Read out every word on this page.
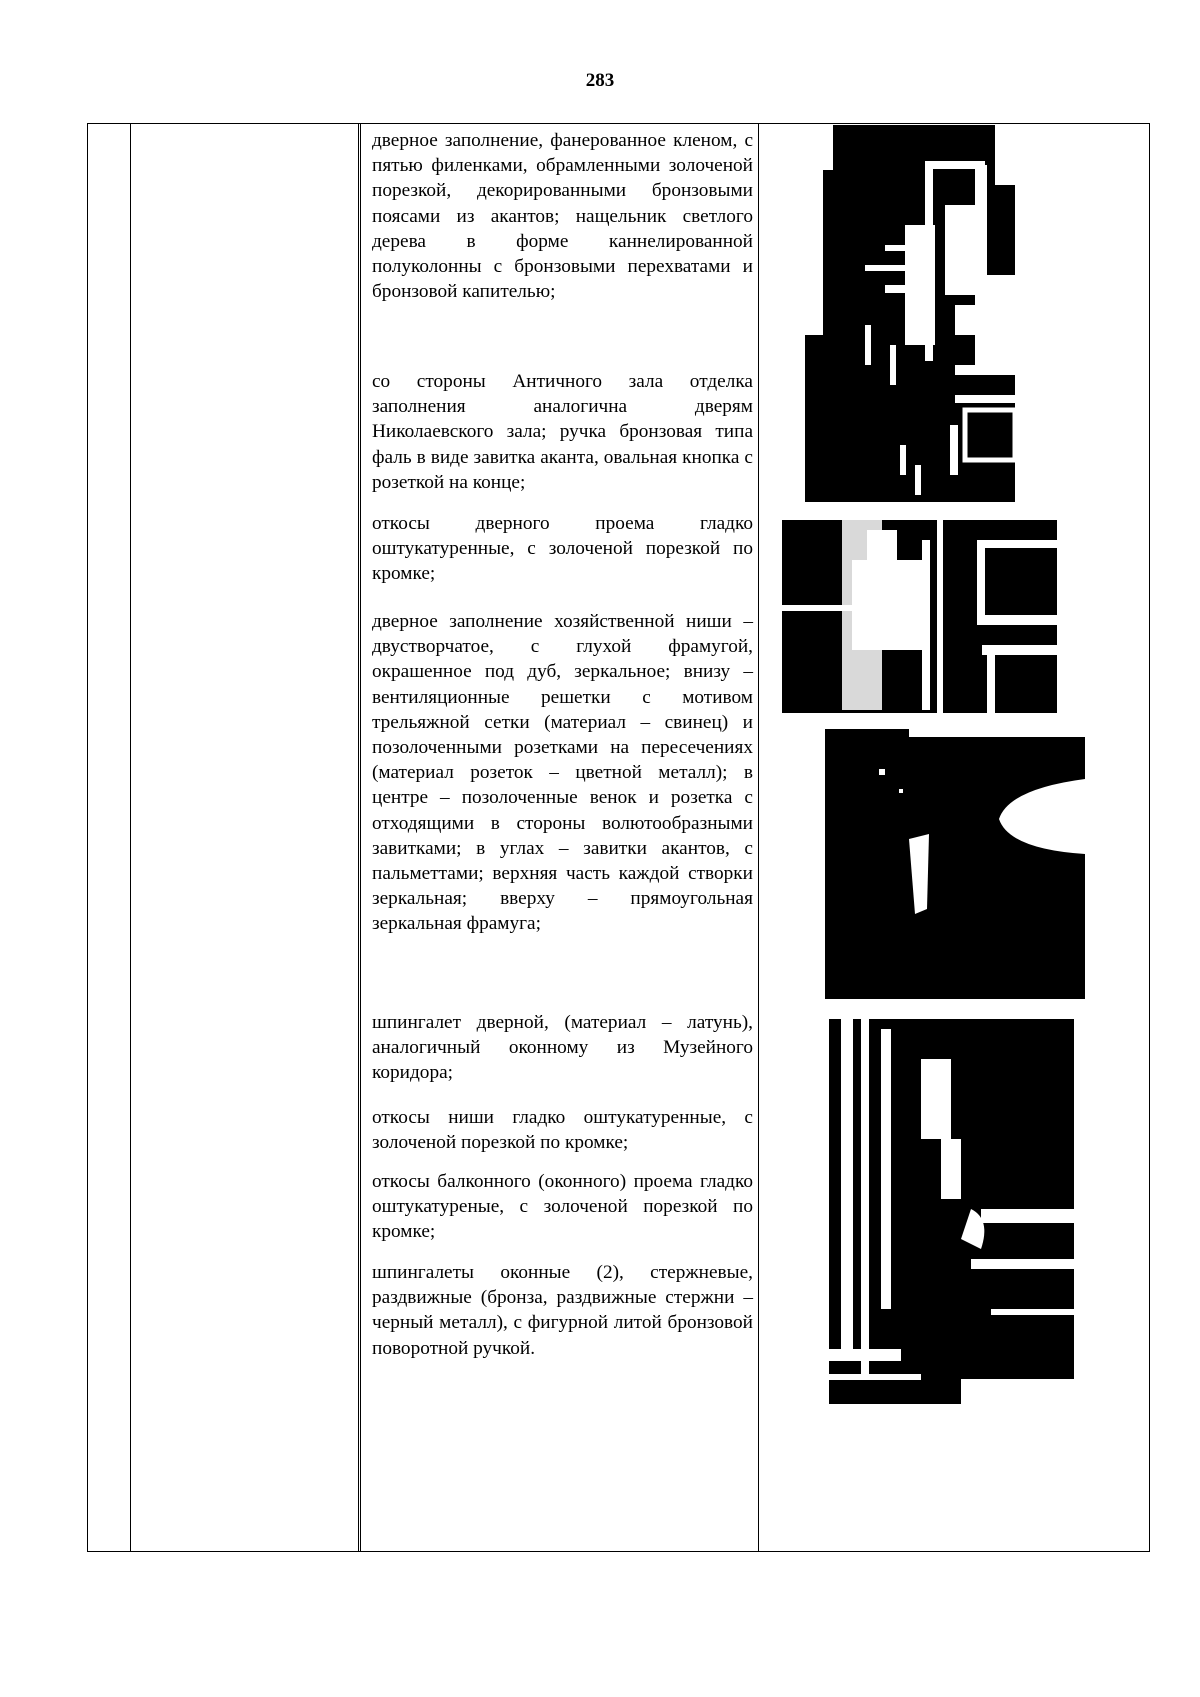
283
дверное заполнение, фанерованное кленом, с пятью филенками, обрамленными золоченой порезкой, декорированными бронзовыми поясами из акантов; нащельник светлого дерева в форме каннелированной полуколонны с бронзовыми перехватами и бронзовой капителью;
со стороны Античного зала отделка заполнения аналогична дверям Николаевского зала; ручка бронзовая типа фаль в виде завитка аканта, овальная кнопка с розеткой на конце;
откосы дверного проема гладко оштукатуренные, с золоченой порезкой по кромке;
дверное заполнение хозяйственной ниши – двустворчатое, с глухой фрамугой, окрашенное под дуб, зеркальное; внизу – вентиляционные решетки с мотивом трельяжной сетки (материал – свинец) и позолоченными розетками на пересечениях (материал розеток – цветной металл); в центре – позолоченные венок и розетка с отходящими в стороны волютообразными завитками; в углах – завитки акантов, с пальметтами; верхняя часть каждой створки зеркальная; вверху – прямоугольная зеркальная фрамуга;
шпингалет дверной, (материал – латунь), аналогичный оконному из Музейного коридора;
откосы ниши гладко оштукатуренные, с золоченой порезкой по кромке;
откосы балконного (оконного) проема гладко оштукатуреные, с золоченой порезкой по кромке;
шпингалеты оконные (2), стержневые, раздвижные (бронза, раздвижные стержни – черный металл), с фигурной литой бронзовой поворотной ручкой.
